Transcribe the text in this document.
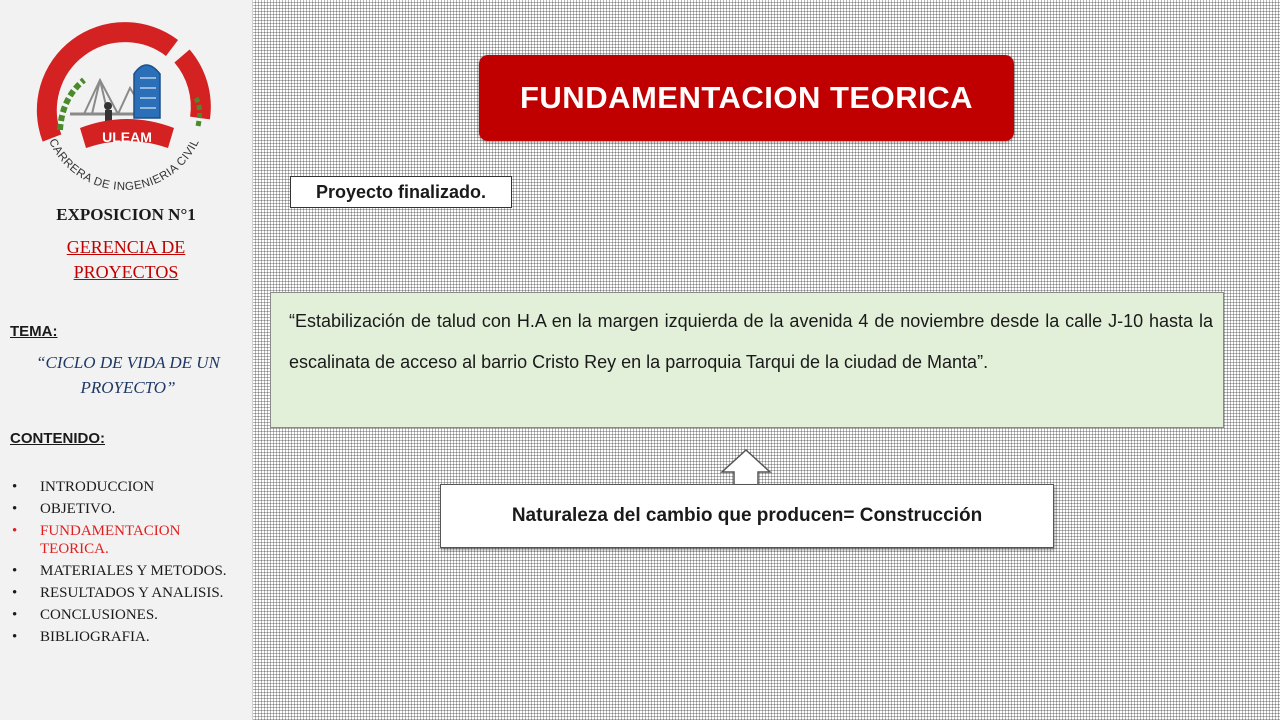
ULEAM
CARRERA DE INGENIERIA CIVIL
EXPOSICION N°1
GERENCIA DE PROYECTOS
TEMA:
“CICLO DE VIDA DE UN PROYECTO”
CONTENIDO:
• INTRODUCCION
• OBJETIVO.
• FUNDAMENTACION TEORICA.
• MATERIALES Y METODOS.
• RESULTADOS Y ANALISIS.
• CONCLUSIONES.
• BIBLIOGRAFIA.
FUNDAMENTACION TEORICA
Proyecto finalizado.

“Estabilización de talud con H.A en la margen izquierda de la avenida 4 de noviembre desde la calle J-10 hasta la escalinata de acceso al barrio Cristo Rey en la parroquia Tarqui de la ciudad de Manta”.

Naturaleza del cambio que producen= Construcción
